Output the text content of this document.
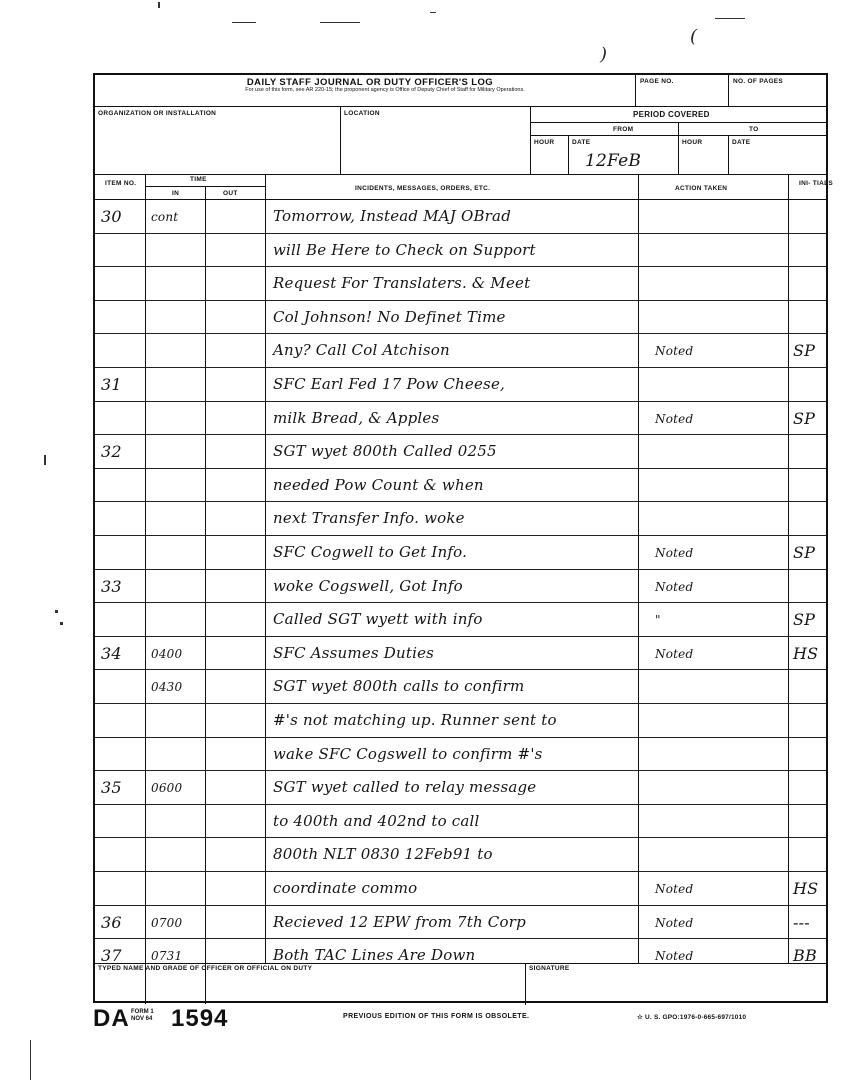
)
(
DAILY STAFF JOURNAL OR DUTY OFFICER'S LOG
For use of this form, see AR 220-15; the proponent agency is Office of Deputy Chief of Staff for Military Operations.
PAGE NO.	NO. OF PAGES
ORGANIZATION OR INSTALLATION	LOCATION	PERIOD COVERED
FROM	TO
HOUR	DATE
12FeB
HOUR	DATE
ITEM NO.
TIME
IN	OUT
INCIDENTS, MESSAGES, ORDERS, ETC.	ACTION TAKEN
INI- TIALS
30 cont	Tomorrow, Instead MAJ OBrad
will Be Here to Check on Support
Request For Translaters. & Meet
Col Johnson! No Definet Time
Any? Call Col Atchison	Noted	SP
31	SFC Earl Fed 17 Pow Cheese,
milk Bread, & Apples	Noted	SP
32	SGT wyet 800th Called 0255
needed Pow Count & when
next Transfer Info. woke
SFC Cogwell to Get Info.	Noted	SP
33	woke Cogswell, Got Info	Noted
Called SGT wyett with info	"	SP
34 0400	SFC Assumes Duties	Noted	HS
0430	SGT wyet 800th calls to confirm
#'s not matching up. Runner sent to
wake SFC Cogswell to confirm #'s
35 0600	SGT wyet called to relay message
to 400th and 402nd to call
800th NLT 0830 12Feb91 to
coordinate commo	Noted	HS
36 0700	Recieved 12 EPW from 7th Corp	Noted	---
37 0731	Both TAC Lines Are Down	Noted	BB
TYPED NAME AND GRADE OF OFFICER OR OFFICIAL ON DUTY	SIGNATURE
DA FORM 1 NOV 64 1594	PREVIOUS EDITION OF THIS FORM IS OBSOLETE.	☆ U. S. GPO:1976-0-665-697/1010
